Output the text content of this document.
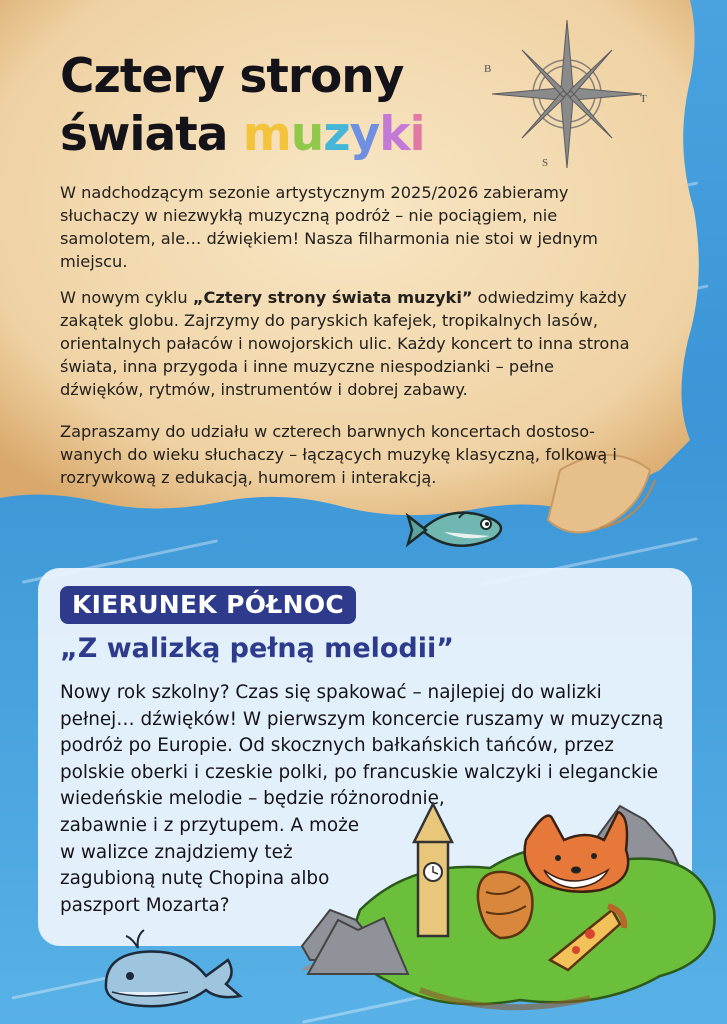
B
T
S
Cztery strony
świata muzyki

W nadchodzącym sezonie artystycznym 2025/2026 zabieramy słuchaczy w niezwykłą muzyczną podróż – nie pociągiem, nie samolotem, ale… dźwiękiem! Nasza filharmonia nie stoi w jednym miejscu.

W nowym cyklu „Cztery strony świata muzyki” odwiedzimy każdy zakątek globu. Zajrzymy do paryskich kafejek, tropikalnych lasów, orientalnych pałaców i nowojorskich ulic. Każdy koncert to inna strona świata, inna przygoda i inne muzyczne niespodzianki – pełne dźwięków, rytmów, instrumentów i dobrej zabawy.

Zapraszamy do udziału w czterech barwnych koncertach dostosowanych do wieku słuchaczy – łączących muzykę klasyczną, folkową i rozrywkową z edukacją, humorem i interakcją.

KIERUNEK PÓŁNOC
„Z walizką pełną melodii”

Nowy rok szkolny? Czas się spakować – najlepiej do walizki
pełnej… dźwięków! W pierwszym koncercie ruszamy w muzyczną
podróż po Europie. Od skocznych bałkańskich tańców, przez
polskie oberki i czeskie polki, po francuskie walczyki i eleganckie
wiedeńskie melodie – będzie różnorodnie,
zabawnie i z przytupem. A może
w walizce znajdziemy też
zagubioną nutę Chopina albo
paszport Mozarta?
